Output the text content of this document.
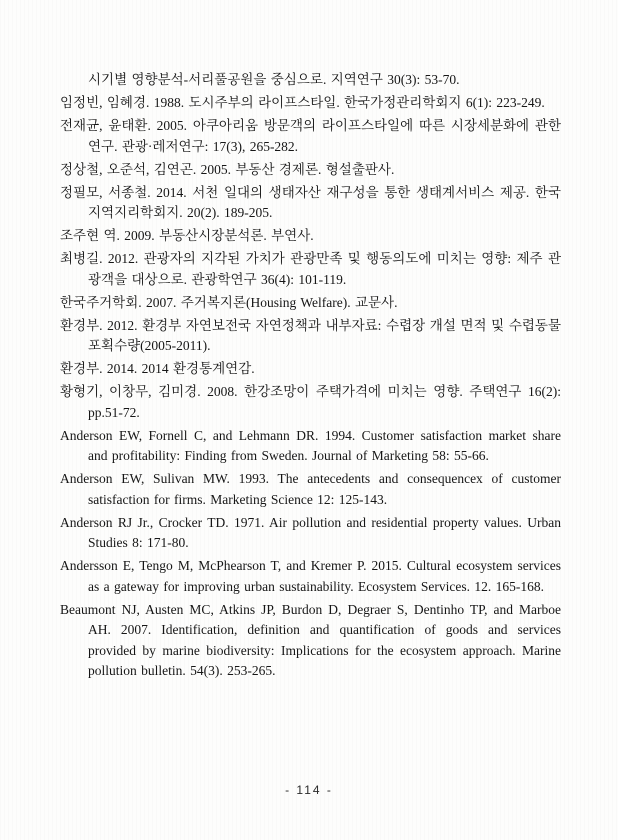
시기별 영향분석-서리풀공원을 중심으로. 지역연구 30(3): 53-70.

임정빈, 임혜경. 1988. 도시주부의 라이프스타일. 한국가정관리학회지 6(1): 223-249.

전재균, 윤태환. 2005. 아쿠아리움 방문객의 라이프스타일에 따른 시장세분화에 관한 연구. 관광·레저연구: 17(3), 265-282.

정상철, 오준석, 김연곤. 2005. 부동산 경제론. 형설출판사.

정필모, 서종철. 2014. 서천 일대의 생태자산 재구성을 통한 생태계서비스 제공. 한국지역지리학회지. 20(2). 189-205.

조주현 역. 2009. 부동산시장분석론. 부연사.

최병길. 2012. 관광자의 지각된 가치가 관광만족 및 행동의도에 미치는 영향: 제주 관광객을 대상으로. 관광학연구 36(4): 101-119.

한국주거학회. 2007. 주거복지론(Housing Welfare). 교문사.

환경부. 2012. 환경부 자연보전국 자연정책과 내부자료: 수렵장 개설 면적 및 수렵동물 포획수량(2005-2011).

환경부. 2014. 2014 환경통계연감.

황형기, 이창무, 김미경. 2008. 한강조망이 주택가격에 미치는 영향. 주택연구 16(2): pp.51-72.

Anderson EW, Fornell C, and Lehmann DR. 1994. Customer satisfaction market share and profitability: Finding from Sweden. Journal of Marketing 58: 55-66.

Anderson EW, Sulivan MW. 1993. The antecedents and consequencex of customer satisfaction for firms. Marketing Science 12: 125-143.

Anderson RJ Jr., Crocker TD. 1971. Air pollution and residential property values. Urban Studies 8: 171-80.

Andersson E, Tengo M, McPhearson T, and Kremer P. 2015. Cultural ecosystem services as a gateway for improving urban sustainability. Ecosystem Services. 12. 165-168.

Beaumont NJ, Austen MC, Atkins JP, Burdon D, Degraer S, Dentinho TP, and Marboe AH. 2007. Identification, definition and quantification of goods and services provided by marine biodiversity: Implications for the ecosystem approach. Marine pollution bulletin. 54(3). 253-265.

- 114 -
